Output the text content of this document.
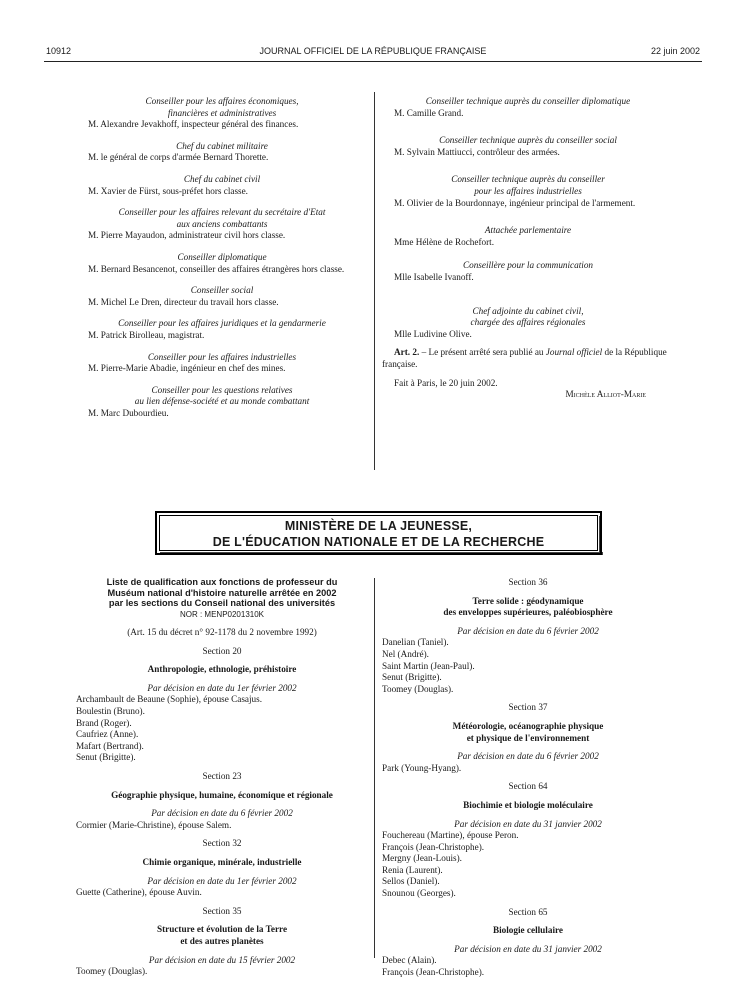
10912	JOURNAL OFFICIEL DE LA RÉPUBLIQUE FRANÇAISE	22 juin 2002
Conseiller pour les affaires économiques,
financières et administratives
M. Alexandre Jevakhoff, inspecteur général des finances.
Chef du cabinet militaire
M. le général de corps d'armée Bernard Thorette.
Chef du cabinet civil
M. Xavier de Fürst, sous-préfet hors classe.
Conseiller pour les affaires relevant du secrétaire d'Etat
aux anciens combattants
M. Pierre Mayaudon, administrateur civil hors classe.
Conseiller diplomatique
M. Bernard Besancenot, conseiller des affaires étrangères hors classe.
Conseiller social
M. Michel Le Dren, directeur du travail hors classe.
Conseiller pour les affaires juridiques et la gendarmerie
M. Patrick Birolleau, magistrat.
Conseiller pour les affaires industrielles
M. Pierre-Marie Abadie, ingénieur en chef des mines.
Conseiller pour les questions relatives
au lien défense-société et au monde combattant
M. Marc Dubourdieu.
Conseiller technique auprès du conseiller diplomatique
M. Camille Grand.
Conseiller technique auprès du conseiller social
M. Sylvain Mattiucci, contrôleur des armées.
Conseiller technique auprès du conseiller
pour les affaires industrielles
M. Olivier de la Bourdonnaye, ingénieur principal de l'armement.
Attachée parlementaire
Mme Hélène de Rochefort.
Conseillère pour la communication
Mlle Isabelle Ivanoff.
Chef adjointe du cabinet civil,
chargée des affaires régionales
Mlle Ludivine Olive.
Art. 2. – Le présent arrêté sera publié au Journal officiel de la République française.
Fait à Paris, le 20 juin 2002.
Michèle Alliot-Marie
MINISTÈRE DE LA JEUNESSE,
DE L'ÉDUCATION NATIONALE ET DE LA RECHERCHE
Liste de qualification aux fonctions de professeur du
Muséum national d'histoire naturelle arrêtée en 2002
par les sections du Conseil national des universités
NOR : MENP0201310K
(Art. 15 du décret n° 92-1178 du 2 novembre 1992)
Section 20
Anthropologie, ethnologie, préhistoire
Par décision en date du 1er février 2002
Archambault de Beaune (Sophie), épouse Casajus.
Boulestin (Bruno).
Brand (Roger).
Caufriez (Anne).
Mafart (Bertrand).
Senut (Brigitte).
Section 23
Géographie physique, humaine, économique et régionale
Par décision en date du 6 février 2002
Cormier (Marie-Christine), épouse Salem.
Section 32
Chimie organique, minérale, industrielle
Par décision en date du 1er février 2002
Guette (Catherine), épouse Auvin.
Section 35
Structure et évolution de la Terre
et des autres planètes
Par décision en date du 15 février 2002
Toomey (Douglas).
Section 36
Terre solide : géodynamique
des enveloppes supérieures, paléobiosphère
Par décision en date du 6 février 2002
Danelian (Taniel).
Nel (André).
Saint Martin (Jean-Paul).
Senut (Brigitte).
Toomey (Douglas).
Section 37
Météorologie, océanographie physique
et physique de l'environnement
Par décision en date du 6 février 2002
Park (Young-Hyang).
Section 64
Biochimie et biologie moléculaire
Par décision en date du 31 janvier 2002
Fouchereau (Martine), épouse Peron.
François (Jean-Christophe).
Mergny (Jean-Louis).
Renia (Laurent).
Sellos (Daniel).
Snounou (Georges).
Section 65
Biologie cellulaire
Par décision en date du 31 janvier 2002
Debec (Alain).
François (Jean-Christophe).
